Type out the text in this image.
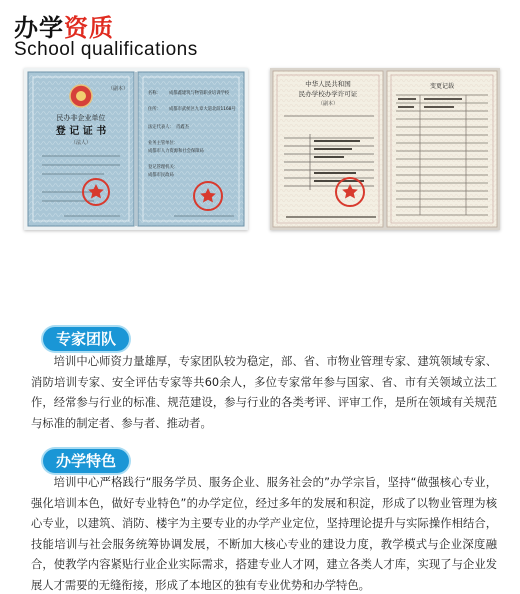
办学资质
School qualifications
（副本）
民办非企业单位
登 记 证 书
（法人）
名称： 成都鑫建筑与物管职业培训学校
住所： 成都市武侯区九章大道北段1168号
法定代表人： 肖鑫杰
业务主管单位：
成都市人力资源和社会保障局
登记管理机关：
成都市民政局
中华人民共和国
民办学校办学许可证
（副本）
变更记载
专家团队

培训中心师资力量雄厚，专家团队较为稳定，部、省、市物业管理专家、建筑领域专家、消防培训专家、安全评估专家等共60余人，多位专家常年参与国家、省、市有关领域立法工作，经常参与行业的标准、规范建设，参与行业的各类考评、评审工作，是所在领域有关规范与标准的制定者、参与者、推动者。

办学特色

培训中心严格践行“服务学员、服务企业、服务社会的”办学宗旨，坚持“做强核心专业，强化培训本色，做好专业特色”的办学定位，经过多年的发展和积淀，形成了以物业管理为核心专业，以建筑、消防、楼宇为主要专业的办学产业定位，坚持理论提升与实际操作相结合，技能培训与社会服务统筹协调发展，不断加大核心专业的建设力度，教学模式与企业深度融合，使教学内容紧贴行业企业实际需求，搭建专业人才网，建立各类人才库，实现了与企业发展人才需要的无缝衔接，形成了本地区的独有专业优势和办学特色。
